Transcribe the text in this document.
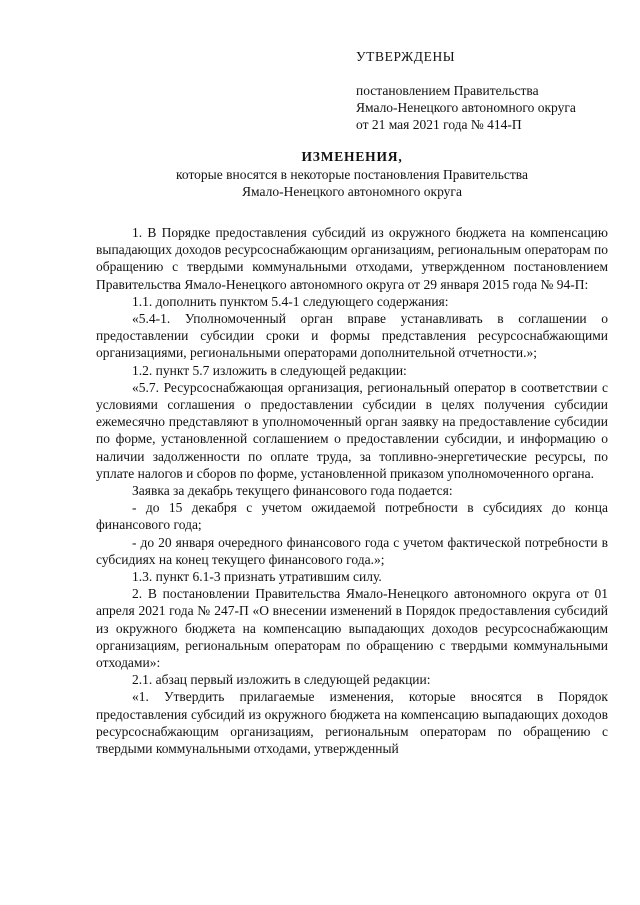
УТВЕРЖДЕНЫ
постановлением Правительства
Ямало-Ненецкого автономного округа
от 21 мая 2021 года № 414-П
ИЗМЕНЕНИЯ,
которые вносятся в некоторые постановления Правительства
Ямало-Ненецкого автономного округа

1. В Порядке предоставления субсидий из окружного бюджета на компенсацию выпадающих доходов ресурсоснабжающим организациям, региональным операторам по обращению с твердыми коммунальными отходами, утвержденном постановлением Правительства Ямало-Ненецкого автономного округа от 29 января 2015 года № 94-П:

1.1. дополнить пунктом 5.4-1 следующего содержания:

«5.4-1. Уполномоченный орган вправе устанавливать в соглашении о предоставлении субсидии сроки и формы представления ресурсоснабжающими организациями, региональными операторами дополнительной отчетности.»;

1.2. пункт 5.7 изложить в следующей редакции:

«5.7. Ресурсоснабжающая организация, региональный оператор в соответствии с условиями соглашения о предоставлении субсидии в целях получения субсидии ежемесячно представляют в уполномоченный орган заявку на предоставление субсидии по форме, установленной соглашением о предоставлении субсидии, и информацию о наличии задолженности по оплате труда, за топливно-энергетические ресурсы, по уплате налогов и сборов по форме, установленной приказом уполномоченного органа.

Заявка за декабрь текущего финансового года подается:

- до 15 декабря с учетом ожидаемой потребности в субсидиях до конца финансового года;

- до 20 января очередного финансового года с учетом фактической потребности в субсидиях на конец текущего финансового года.»;

1.3. пункт 6.1-3 признать утратившим силу.

2. В постановлении Правительства Ямало-Ненецкого автономного округа от 01 апреля 2021 года № 247-П «О внесении изменений в Порядок предоставления субсидий из окружного бюджета на компенсацию выпадающих доходов ресурсоснабжающим организациям, региональным операторам по обращению с твердыми коммунальными отходами»:

2.1. абзац первый изложить в следующей редакции:

«1. Утвердить прилагаемые изменения, которые вносятся в Порядок предоставления субсидий из окружного бюджета на компенсацию выпадающих доходов ресурсоснабжающим организациям, региональным операторам по обращению с твердыми коммунальными отходами, утвержденный
